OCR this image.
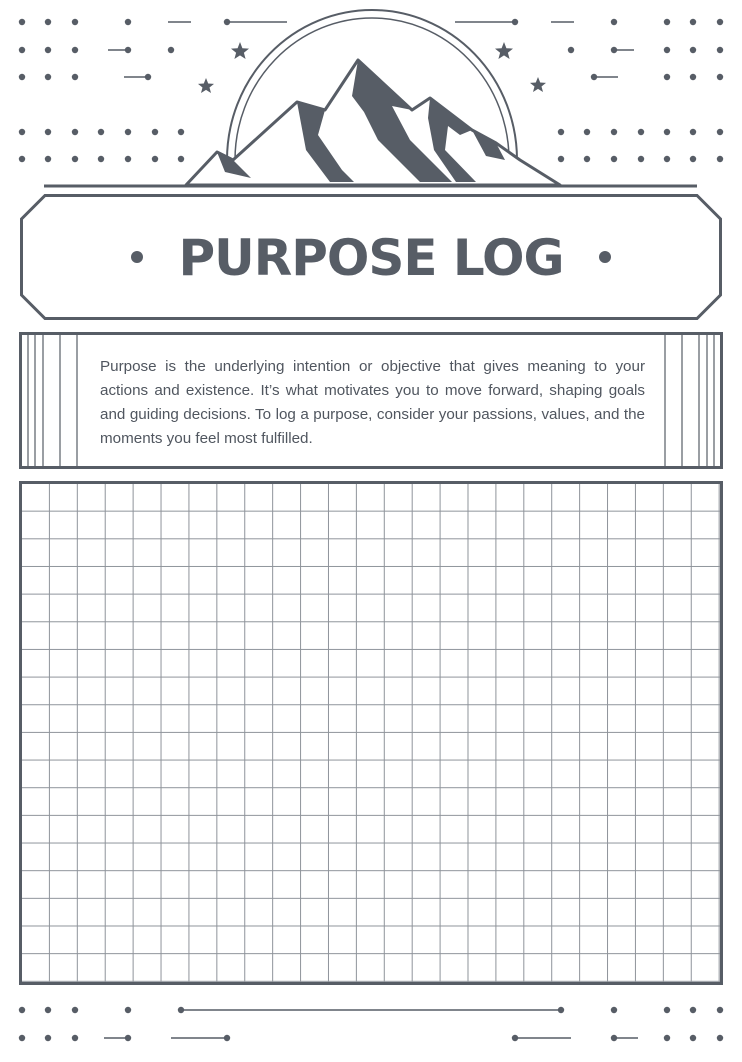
PURPOSE LOG

Purpose is the underlying intention or objective that gives meaning to your actions and existence. It’s what motivates you to move forward, shaping goals and guiding decisions. To log a purpose, consider your passions, values, and the moments you feel most fulfilled.
